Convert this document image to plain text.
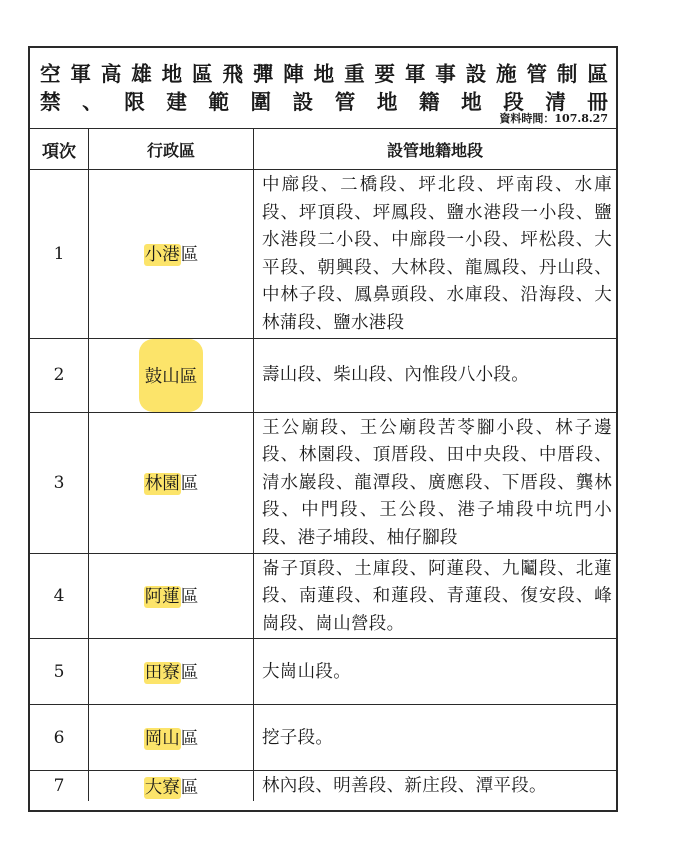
空 軍 高 雄 地 區 飛 彈 陣 地 重 要 軍 事 設 施 管 制 區
禁 、 限 建 範 圍 設 管 地 籍 地 段 清 冊
資料時間：107.8.27
項次	行政區	設管地籍地段
1	小港區	中廍段、二橋段、坪北段、坪南段、水庫段、坪頂段、坪鳳段、鹽水港段一小段、鹽水港段二小段、中廍段一小段、坪松段、大平段、朝興段、大林段、龍鳳段、丹山段、中林子段、鳳鼻頭段、水庫段、沿海段、大林蒲段、鹽水港段
2	鼓山區	壽山段、柴山段、內惟段八小段。
3	林園區	王公廟段、王公廟段苦苓腳小段、林子邊段、林園段、頂厝段、田中央段、中厝段、清水巖段、龍潭段、廣應段、下厝段、龔林段、中門段、王公段、港子埔段中坑門小段、港子埔段、柚仔腳段
4	阿蓮區	崙子頂段、土庫段、阿蓮段、九鬮段、北蓮段、南蓮段、和蓮段、青蓮段、復安段、峰崗段、崗山營段。
5	田寮區	大崗山段。
6	岡山區	挖子段。
7	大寮區	林內段、明善段、新庄段、潭平段。
